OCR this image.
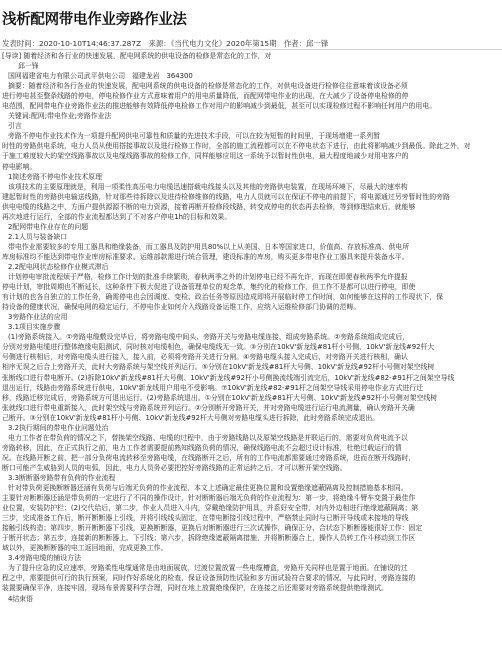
浅析配网带电作业旁路作业法
发表时间：2020-10-10T14:46:37.287Z　来源：《当代电力文化》2020年第15期　作者：邱一锋

[导读] 随着经济和各行业的快速发展，配电网系统的供电设备的检修是常态化的工作，对

邱一锋

国网福建省电力有限公司武平供电公司　福建龙岩　364300

摘要：随着经济和各行各业的快速发展，配电网系统的供电设备的检修是常态化的工作，对供电设备进行检修往往意味着该设备必须

进行停电甚至整条线路的停电，停电检修作业方式意味着用户的用电质量降低，而配网带电作业的出现，在大减少了设备停电检修的停

电范围，配网带电作业旁路作业法的推进能够有效降低停电检修工作对用户的影响减少到最低，甚至可以实现检修过程不影响任何用户的用电。

关键词:配网;带电作业;旁路作业法

引言

旁路不停电作业技术作为一项提升配网供电可靠性和质量的先进技术手段，可以在较为短暂的时间里，于现场增建一系列暂

时性的旁路供电系统，电力人员从使用搭接事故以及进行检修工作时，全部的施工流程都可以在不停电状态下进行，由此将影响减少到最低。除此之外，对

于施工难度较大的架空线路事故以及电缆线路事故的检修工作，同样能够应用这一系统予以暂时性供电，最大程度地减少对用电客户的

停电影响。

1简述旁路不停电作业技术原理

该项技术的主要原理就是，利用一项柔性高压电力电缆迅速搭载电线接头以及其他的旁路供电装置，在现场环境下，尽最大的速率构

建起暂时性的旁路供电输送线路，针对那些待拆除以及进待检修维修的线路，电力人员就可以在保证不停电的前提下，将电源通过另旁暂时性的旁路

供电电缆的线路之中，方面户提供源源不断的电力资源，接着再断开检修段线路，转变成停电的状态再去检修，等到修理结束后，就能够

再次地进行运行，全部的作业流程都达到了不对客户停电1h的目标和效果。

2配网带电作业存在的问题

2.1人员与装备缺口

带电作业需要较多的专用工器具和绝缘装备，而工器具及防护用具80%以上从美国、日本等国家进口，价值高、存放标准高、供电所

库房标准均不能达到带电作业库房标准要求。运维部款需进行统合管理，建设标准的库房，购买更多带电作业工器具来提升装备水平。

2.2配电网状态检修作业模式滞后

计划停电审批流程烦于严格，检修工作计划的批准手续繁琐，春秋两季之外的计划停电已经不再允许，而现在即便春秋两季允许提报

停电计划，审批周期也不断延长，这种条件下极大促进了设备管理单位的观念革，集约化的检修工作，但工作不是都可以进行停电，即使

有计划的也各自独立的工作任务，确需停电也会因调度、变检、政治任务等原因造成即将开展临时停工作时间，如何能够在这样的工作现状下，保

持设备的健康状况，确保电网的稳定运行，不停电作业如何介入线路设备运维工作，应纳入运维检修部门协调的范畴。

3旁路作业法的应用

3.1项目实施步骤

(1)旁路系统接入。①旁路电缆敷设完毕后，将旁路电缆中间头、旁路开关与旁路电缆连接，组成旁路系统。②旁路系统组成完成后，

分别对旁路电缆进行整体绝缘电阻测试，同时核对电缆相色，确保电缆线无一致。③分别在10kV'新龙线#81杆小号侧、10kV'新龙线#92杆大

号侧进行核相后，对旁路电缆头进行接入，接入前，必须将旁路开关进行分闸。④旁路电缆头接入完成后，对旁路开关进行核相，确认

相序无误之后合上旁路开关，此时大旁路系统与架空线并列运行。⑤分别在10kV'新龙线#81杆大号侧、10kV'新龙线#92杆小号侧对架空线树

张断线口进行带电断开。(2)拆除10kV'新龙线#81杆大号侧、10kV'新龙线#92杆小号侧换流线端引流完后，10kV'新龙线#82-#91杆之间架空导线

退出运行，线路由旁路系统进行供电，10kV'新龙线用户用电不受影响。⑦10kV'新龙线#82-#91杆之间架空导线采用停电作业方式进行迁

移，线路迁移完成后，旁路系统方可退出运行。(2)旁路系统退出。①分别在10kV'新龙线#81杆大号侧、10kV'新龙线#92杆小号侧对架空线树

张就线口进行带电重新接入，此时架空线与旁路系统并列运行。②分别断开旁路开关，并对旁路电缆进行运行电流测量，确认旁路开关确

己断开。③分别在10kV'新龙线#81杆小号侧、10kV'新龙线#92杆大号侧对旁路电缆头进行拆除，此时旁路系统完成退出。

3.2执行期间的带电作业问题处治

电力工作者在带负荷的情况之下，替换架空线路、电缆的过程中，由于旁路线路以及原架空线路是并联运行的，需要对负荷电流予以

旁路转移，因此，在正式执行之前，电力工作者需要提前熟知线路负荷的情况，确保线路电流不会超过设计标准，杜绝过载运行的情

况。在线路开断之前，把一部分负荷电流转移至旁路电缆，在线路断开之后，所有的工作电流都需要通过旁路系统，进而在断开线路时，

断口可能产生威胁到人员的电弧，因此，电力人员务必要把控好旁路线路的正常运转之后，才可以断开架空线路。

3.3断断器旁路带有负荷的作业流程

针对带负荷更换断断器还涵有负荷与后端无负荷的作业流程，本文上述确定最佳更换位置和设置绝缘遮蔽隔离及控制措施基本相同。

主要针对断断器还涵是带负荷的一定进行了不同的操作设计，针对断断器后端无负荷的作业流程为：第一步，将绝缘斗臂车变置于最佳作

业位置，安装防护栏；(2)交代给后，第二步，作业人员进入斗内，穿戴绝缘防护用具，并系好安全带，对内外边相进行绝缘遮蔽隔离；第

三步，完成准备工作后，断开断断器上引线，并将引线线头固定，在带电断接引线过程中，严格禁止同时与已断开导线或未接地的导线

接触引线构造；第四步，断开断断器下引线，更换断断器，更换后对断断器进行三次试操作，确保正分、合状态下断断器能很好工作：固定

于断开状态；第五步，连接新的断断器上、下引线；第六步，拆除绝缘遮蔽隔离措施，并将断断器合上，操作人员转工作斗移动到工作区

域以外，更换断断器的电工返回地面，完成更换工作。

3.4旁路电缆的铺设方法

为了提升应急的反应速率，旁路柔性电缆通常是由地面展放，过渡位置放置一些电缆槽盒，旁路开关同样也是置于地面。在铺设的过

程之中，需要提供可行的执行预案，同时作好系统化的检查，保证设备预防性试验和多方面试验符合要求的情况，与此同时，旁路连接的

装置要确保平净，连接牢固，现场布景需要科学合理，同时在地上放置绝缘保护，在连接之后还需要对旁路系统提供绝缘测试。

4结束语
